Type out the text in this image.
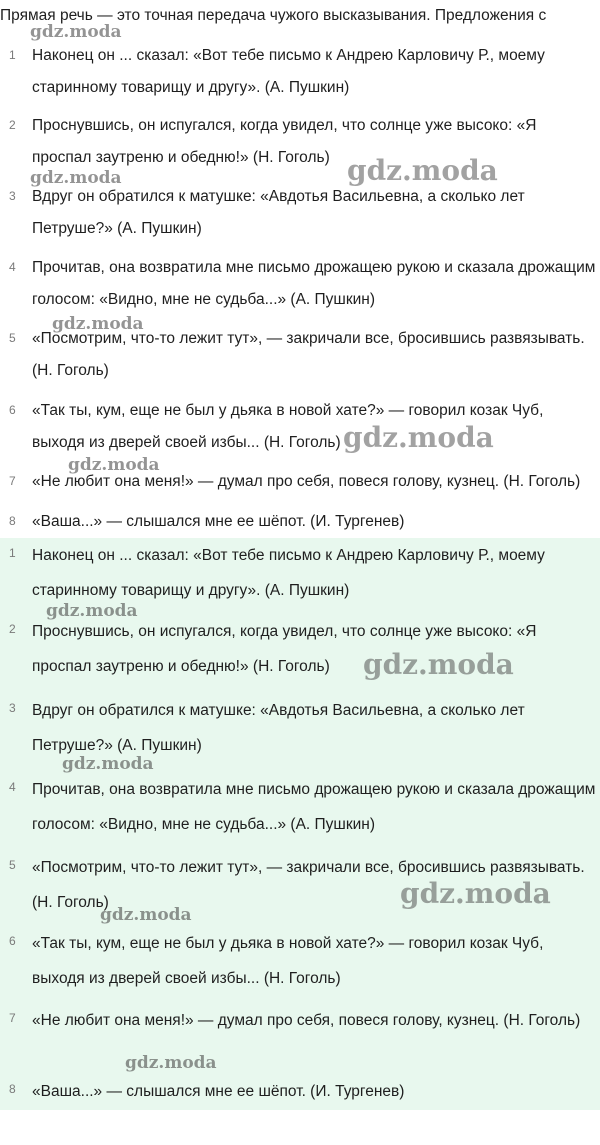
Прямая речь — это точная передача чужого высказывания. Предложения с
1	Наконец он ... сказал: «Вот тебе письмо к Андрею Карловичу Р., моему старинному товарищу и другу». (А. Пушкин)
2	Проснувшись, он испугался, когда увидел, что солнце уже высоко: «Я проспал заутреню и обедню!» (Н. Гоголь)
3	Вдруг он обратился к матушке: «Авдотья Васильевна, а сколько лет Петруше?» (А. Пушкин)
4	Прочитав, она возвратила мне письмо дрожащею рукою и сказала дрожащим голосом: «Видно, мне не судьба...» (А. Пушкин)
5	«Посмотрим, что-то лежит тут», — закричали все, бросившись развязывать. (Н. Гоголь)
6	«Так ты, кум, еще не был у дьяка в новой хате?» — говорил козак Чуб, выходя из дверей своей избы... (Н. Гоголь)
7	«Не любит она меня!» — думал про себя, повеся голову, кузнец. (Н. Гоголь)
8	«Ваша...» — слышался мне ее шёпот. (И. Тургенев)
1	Наконец он ... сказал: «Вот тебе письмо к Андрею Карловичу Р., моему старинному товарищу и другу». (А. Пушкин)
2	Проснувшись, он испугался, когда увидел, что солнце уже высоко: «Я проспал заутреню и обедню!» (Н. Гоголь)
3	Вдруг он обратился к матушке: «Авдотья Васильевна, а сколько лет Петруше?» (А. Пушкин)
4	Прочитав, она возвратила мне письмо дрожащею рукою и сказала дрожащим голосом: «Видно, мне не судьба...» (А. Пушкин)
5	«Посмотрим, что-то лежит тут», — закричали все, бросившись развязывать. (Н. Гоголь)
6	«Так ты, кум, еще не был у дьяка в новой хате?» — говорил козак Чуб, выходя из дверей своей избы... (Н. Гоголь)
7	«Не любит она меня!» — думал про себя, повеся голову, кузнец. (Н. Гоголь)
8	«Ваша...» — слышался мне ее шёпот. (И. Тургенев)
gdz.moda
gdz.moda	gdz.moda
gdz.moda
gdz.moda
gdz.moda
gdz.moda
gdz.moda
gdz.moda
gdz.moda
gdz.moda
gdz.moda
